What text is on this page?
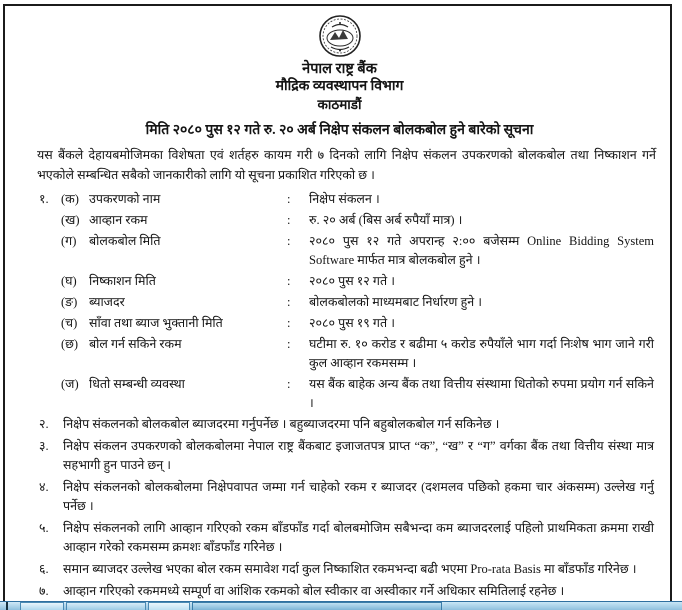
नेपाल राष्ट्र बैंक
मौद्रिक व्यवस्थापन विभाग
काठमाडौं
मिति २०८० पुस १२ गते रु. २० अर्ब निक्षेप संकलन बोलकबोल हुने बारेको सूचना
यस बैंकले देहायबमोजिमका विशेषता एवं शर्तहरु कायम गरी ७ दिनको लागि निक्षेप संकलन उपकरणको बोलकबोल तथा निष्काशन गर्ने भएकोले सम्बन्धित सबैको जानकारीको लागि यो सूचना प्रकाशित गरिएको छ ।
१. (क) उपकरणको नाम	:	निक्षेप संकलन ।
(ख) आव्हान रकम	:	रु. २० अर्ब (बिस अर्ब रुपैयाँ मात्र) ।
(ग)	बोलकबोल मिति	:	२०८० पुस १२ गते अपरान्ह २:०० बजेसम्म Online Bidding System Software मार्फत मात्र बोलकबोल हुने ।
(घ) निष्काशन मिति	:	२०८० पुस १२ गते ।
(ङ) ब्याजदर	:	बोलकबोलको माध्यमबाट निर्धारण हुने ।
(च) साँवा तथा ब्याज भुक्तानी मिति	:	२०८० पुस १९ गते ।
(छ) बोल गर्न सकिने रकम	:	घटीमा रु. १० करोड र बढीमा ५ करोड रुपैयाँले भाग गर्दा निःशेष भाग जाने गरी कुल आव्हान रकमसम्म ।
(ज) धितो सम्बन्धी व्यवस्था	:	यस बैंक बाहेक अन्य बैंक तथा वित्तीय संस्थामा धितोको रुपमा प्रयोग गर्न सकिने ।
२.	निक्षेप संकलनको बोलकबोल ब्याजदरमा गर्नुपर्नेछ । बहुब्याजदरमा पनि बहुबोलकबोल गर्न सकिनेछ ।
३.	निक्षेप संकलन उपकरणको बोलकबोलमा नेपाल राष्ट्र बैंकबाट इजाजतपत्र प्राप्त “क”, “ख” र “ग” वर्गका बैंक तथा वित्तीय संस्था मात्र सहभागी हुन पाउने छन् ।
४.	निक्षेप संकलनको बोलकबोलमा निक्षेपवापत जम्मा गर्न चाहेको रकम र ब्याजदर (दशमलव पछिको हकमा चार अंकसम्म) उल्लेख गर्नु पर्नेछ ।
५.	निक्षेप संकलनको लागि आव्हान गरिएको रकम बाँडफाँड गर्दा बोलबमोजिम सबैभन्दा कम ब्याजदरलाई पहिलो प्राथमिकता क्रममा राखी आव्हान गरेको रकमसम्म क्रमशः बाँडफाँड गरिनेछ ।
६.	समान ब्याजदर उल्लेख भएका बोल रकम समावेश गर्दा कुल निष्काशित रकमभन्दा बढी भएमा Pro-rata Basis मा बाँडफाँड गरिनेछ ।
७.	आव्हान गरिएको रकममध्ये सम्पूर्ण वा आंशिक रकमको बोल स्वीकार वा अस्वीकार गर्ने अधिकार समितिलाई रहनेछ ।
